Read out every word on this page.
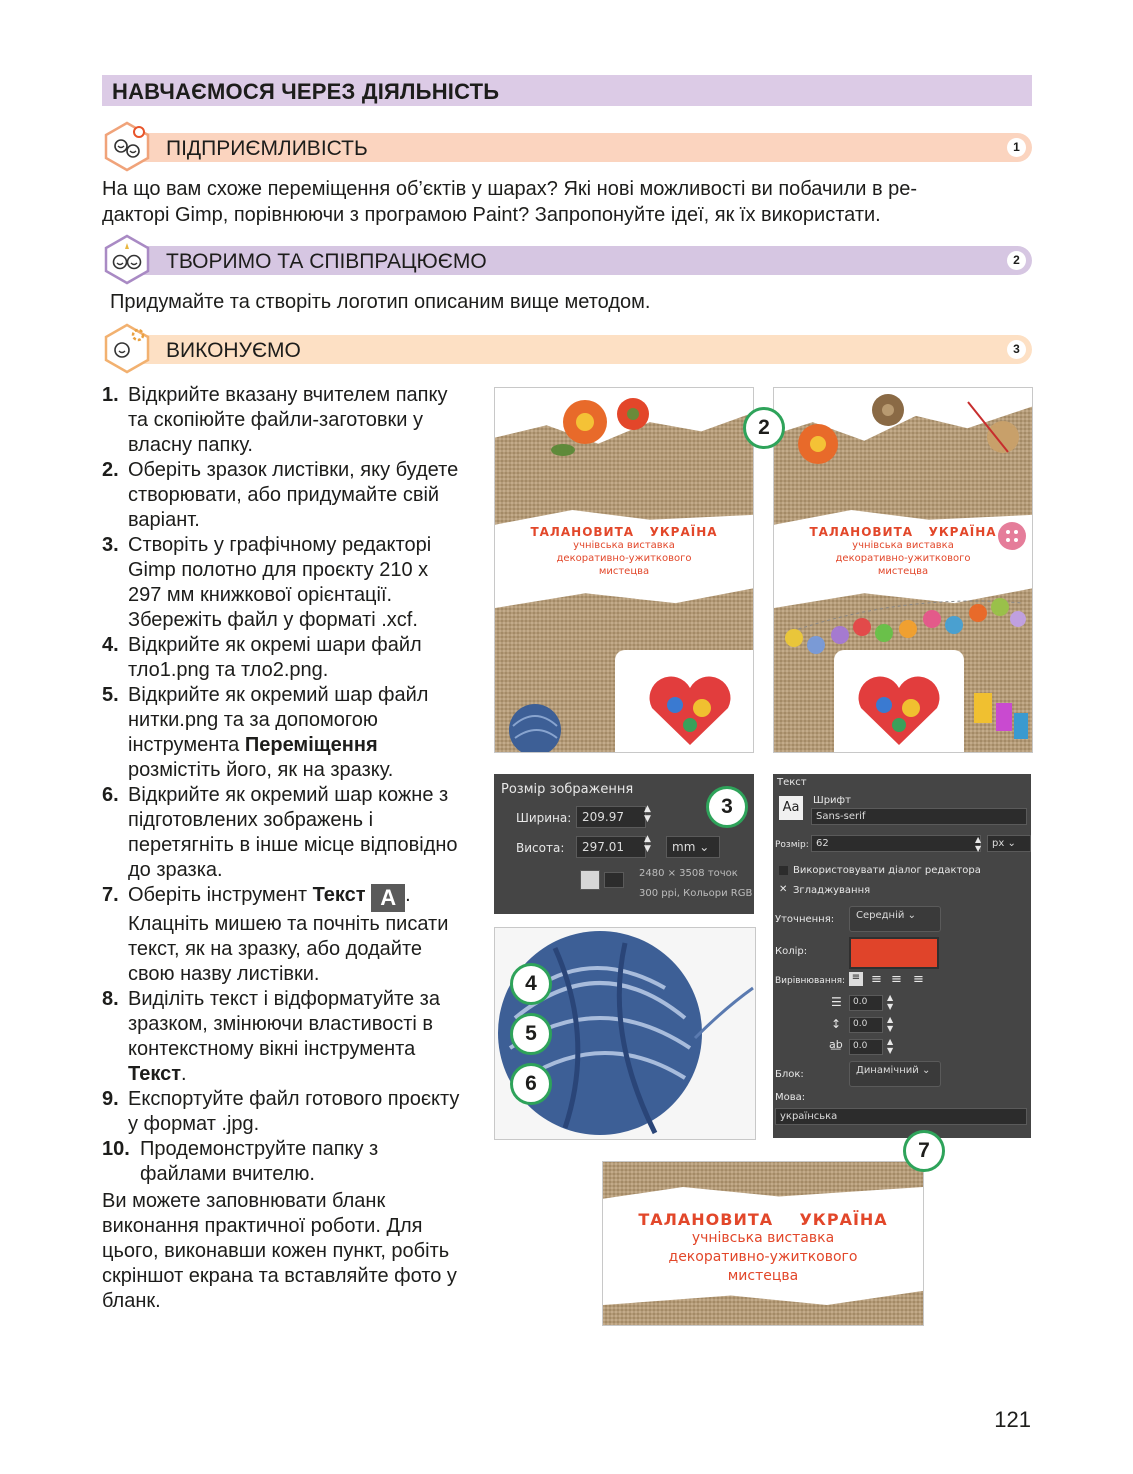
НАВЧАЄМОСЯ ЧЕРЕЗ ДІЯЛЬНІСТЬ
ПІДПРИЄМЛИВІСТЬ	1
На що вам схоже переміщення об’єктів у шарах? Які нові можливості ви побачили в ре-
дакторі Gimp, порівнюючи з програмою Paint? Запропонуйте ідеї, як їх використати.
ТВОРИМО ТА СПІВПРАЦЮЄМО	2
Придумайте та створіть логотип описаним вище методом.
ВИКОНУЄМО	3
1. Відкрийте вказану вчителем папку та скопіюйте файли-заготовки у власну папку.
2. Оберіть зразок листівки, яку будете створювати, або придумайте свій варіант.
3. Створіть у графічному редакторі Gimp полотно для проєкту 210 х 297 мм книжкової орієнтації. Збережіть файл у форматі .xcf.
4. Відкрийте як окремі шари файл тло1.png та тло2.png.
5. Відкрийте як окремий шар файл нитки.png та за допомогою інструмента Переміщення розмістіть його, як на зразку.
6. Відкрийте як окремий шар кожне з підготовлених зображень і перетягніть в інше місце відповідно до зразка.
7. Оберіть інструмент Текст A . Клацніть мишею та почніть писати текст, як на зразку, або додайте свою назву листівки.
8. Виділіть текст і відформатуйте за зразком, змінюючи властивості в контекстному вікні інструмента Текст.
9. Експортуйте файл готового проєкту у формат .jpg.
10. Продемонструйте папку з файлами вчителю.
Ви можете заповнювати бланк виконання практичної роботи. Для цього, виконавши кожен пункт, робіть скріншот екрана та вставляйте фото у бланк.
ТАЛАНОВИТА УКРАЇНА
учнівська виставка
декоративно-ужиткового
мистецва
ТАЛАНОВИТА УКРАЇНА
учнівська виставка
декоративно-ужиткового
мистецва
Розмір зображення
Ширина: 209.97
▲
▼
Висота:	297.01
▲
▼	mm ⌄
2480 × 3508 точок
300 ppi, Кольори RGB
Текст
Aa	Шрифт
Sans-serif
Розмір: 62	▲
▼	px ⌄
Використовувати діалог редактора
✕ Згладжування
Уточнення:	Середній ⌄
Колір:
Вирівнювання: ≡ ≡ ≡ ≡
☰	0.0	▲
▼
↕	0.0	▲
▼
a͟b	0.0	▲
▼
Блок:	Динамічний ⌄
Мова:
українська
ТАЛАНОВИТА УКРАЇНА
учнівська виставка
декоративно-ужиткового
мистецва
2
3
4
5
6
7
121
